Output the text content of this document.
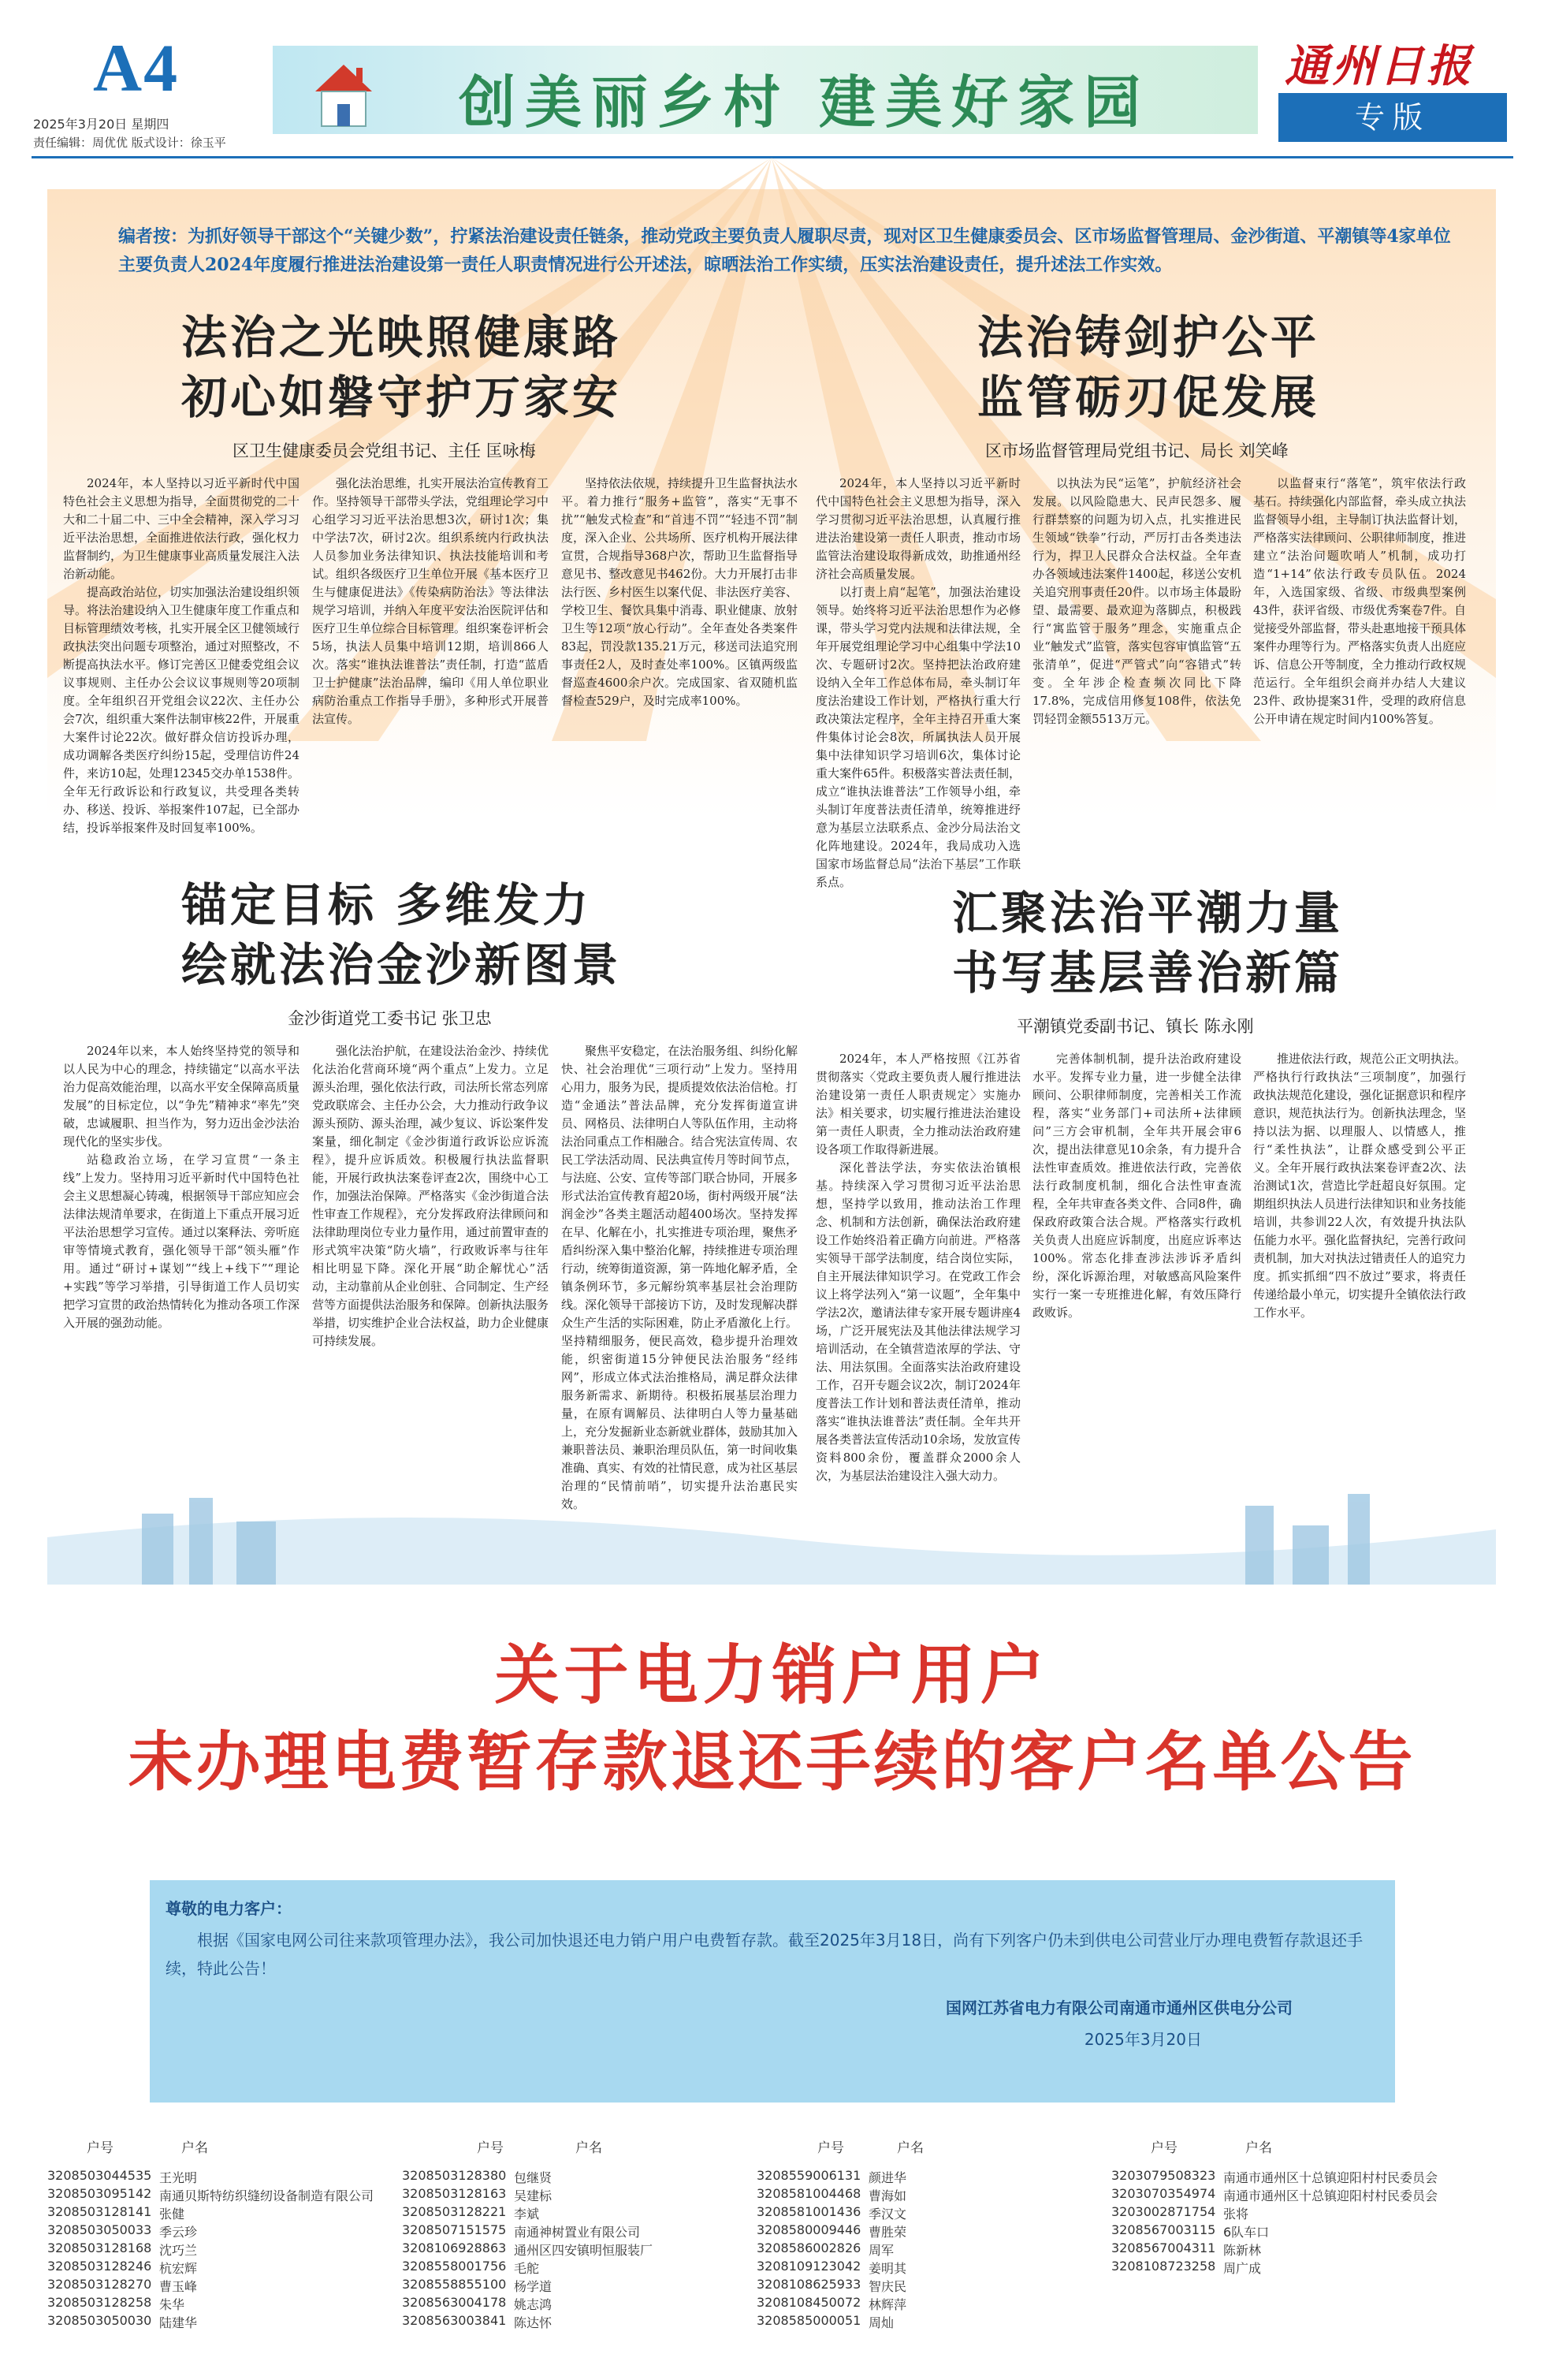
A4
2025年3月20日 星期四
责任编辑：周优优 版式设计：徐玉平
创美丽乡村 建美好家园
通州日报
专版
编者按：为抓好领导干部这个“关键少数”，拧紧法治建设责任链条，推动党政主要负责人履职尽责，现对区卫生健康委员会、区市场监督管理局、金沙街道、平潮镇等4家单位主要负责人2024年度履行推进法治建设第一责任人职责情况进行公开述法，晾晒法治工作实绩，压实法治建设责任，提升述法工作实效。
法治之光映照健康路
初心如磐守护万家安
区卫生健康委员会党组书记、主任 匡咏梅

2024年，本人坚持以习近平新时代中国特色社会主义思想为指导，全面贯彻党的二十大和二十届二中、三中全会精神，深入学习习近平法治思想，全面推进依法行政，强化权力监督制约，为卫生健康事业高质量发展注入法治新动能。

提高政治站位，切实加强法治建设组织领导。将法治建设纳入卫生健康年度工作重点和目标管理绩效考核，扎实开展全区卫健领域行政执法突出问题专项整治，通过对照整改，不断提高执法水平。修订完善区卫健委党组会议议事规则、主任办公会议议事规则等20项制度。全年组织召开党组会议22次、主任办公会7次，组织重大案件法制审核22件，开展重大案件讨论22次。做好群众信访投诉办理，成功调解各类医疗纠纷15起，受理信访件24件，来访10起，处理12345交办单1538件。全年无行政诉讼和行政复议，共受理各类转办、移送、投诉、举报案件107起，已全部办结，投诉举报案件及时回复率100%。

强化法治思维，扎实开展法治宣传教育工作。坚持领导干部带头学法，党组理论学习中心组学习习近平法治思想3次，研讨1次；集中学法7次，研讨2次。组织系统内行政执法人员参加业务法律知识、执法技能培训和考试。组织各级医疗卫生单位开展《基本医疗卫生与健康促进法》《传染病防治法》等法律法规学习培训，并纳入年度平安法治医院评估和医疗卫生单位综合目标管理。组织案卷评析会5场，执法人员集中培训12期，培训866人次。落实“谁执法谁普法”责任制，打造“蓝盾卫士护健康”法治品牌，编印《用人单位职业病防治重点工作指导手册》，多种形式开展普法宣传。

坚持依法依规，持续提升卫生监督执法水平。着力推行“服务+监管”，落实“无事不扰”“触发式检查”和“首违不罚”“轻违不罚”制度，深入企业、公共场所、医疗机构开展法律宣贯，合规指导368户次，帮助卫生监督指导意见书、整改意见书462份。大力开展打击非法行医、乡村医生以案代促、非法医疗美容、学校卫生、餐饮具集中消毒、职业健康、放射卫生等12项“放心行动”。全年查处各类案件83起，罚没款135.21万元，移送司法追究刑事责任2人，及时查处率100%。区镇两级监督巡查4600余户次。完成国家、省双随机监督检查529户，及时完成率100%。

法治铸剑护公平
监管砺刃促发展
区市场监督管理局党组书记、局长 刘笑峰

2024年，本人坚持以习近平新时代中国特色社会主义思想为指导，深入学习贯彻习近平法治思想，认真履行推进法治建设第一责任人职责，推动市场监管法治建设取得新成效，助推通州经济社会高质量发展。

以打责上肩“起笔”，加强法治建设领导。始终将习近平法治思想作为必修课，带头学习党内法规和法律法规，全年开展党组理论学习中心组集中学法10次、专题研讨2次。坚持把法治政府建设纳入全年工作总体布局，牵头制订年度法治建设工作计划，严格执行重大行政决策法定程序，全年主持召开重大案件集体讨论会8次，所属执法人员开展集中法律知识学习培训6次，集体讨论重大案件65件。积极落实普法责任制，成立“谁执法谁普法”工作领导小组，牵头制订年度普法责任清单，统筹推进纾意为基层立法联系点、金沙分局法治文化阵地建设。2024年，我局成功入选国家市场监督总局“法治下基层”工作联系点。

以执法为民“运笔”，护航经济社会发展。以风险隐患大、民声民怨多、履行群禁察的问题为切入点，扎实推进民生领域“铁拳”行动，严厉打击各类违法行为，捍卫人民群众合法权益。全年查办各领域违法案件1400起，移送公安机关追究刑事责任20件。以市场主体最盼望、最需要、最欢迎为落脚点，积极践行“寓监管于服务”理念，实施重点企业“触发式”监管，落实包容审慎监管“五张清单”，促进“严管式”向“容错式”转变。全年涉企检查频次同比下降17.8%，完成信用修复108件，依法免罚轻罚金额5513万元。

以监督束行“落笔”，筑牢依法行政基石。持续强化内部监督，牵头成立执法监督领导小组，主导制订执法监督计划，严格落实法律顾问、公职律师制度，推进建立“法治问题吹哨人”机制，成功打造“1+14”依法行政专员队伍。2024年，入选国家级、省级、市级典型案例43件，获评省级、市级优秀案卷7件。自觉接受外部监督，带头赴惠地接干预具体案件办理等行为。严格落实负责人出庭应诉、信息公开等制度，全力推动行政权规范运行。全年组织会商并办结人大建议23件、政协提案31件，受理的政府信息公开申请在规定时间内100%答复。

锚定目标 多维发力
绘就法治金沙新图景
金沙街道党工委书记 张卫忠

2024年以来，本人始终坚持党的领导和以人民为中心的理念，持续锚定“以高水平法治力促高效能治理，以高水平安全保障高质量发展”的目标定位，以“争先”精神求“率先”突破，忠诚履职、担当作为，努力迈出金沙法治现代化的坚实步伐。

站稳政治立场，在学习宣贯“一条主线”上发力。坚持用习近平新时代中国特色社会主义思想凝心铸魂，根据领导干部应知应会法律法规清单要求，在街道上下重点开展习近平法治思想学习宣传。通过以案释法、旁听庭审等情境式教育，强化领导干部“领头雁”作用。通过“研讨+谋划”“线上+线下”“理论+实践”等学习举措，引导街道工作人员切实把学习宣贯的政治热情转化为推动各项工作深入开展的强劲动能。

强化法治护航，在建设法治金沙、持续优化法治化营商环境“两个重点”上发力。立足源头治理，强化依法行政，司法所长常态列席党政联席会、主任办公会，大力推动行政争议源头预防、源头治理，减少复议、诉讼案件发案量，细化制定《金沙街道行政诉讼应诉流程》，提升应诉质效。积极履行执法监督职能，开展行政执法案卷评查2次，围绕中心工作，加强法治保障。严格落实《金沙街道合法性审查工作规程》，充分发挥政府法律顾问和法律助理岗位专业力量作用，通过前置审查的形式筑牢决策“防火墙”，行政败诉率与往年相比明显下降。深化开展“助企解忧心”活动，主动靠前从企业创驻、合同制定、生产经营等方面提供法治服务和保障。创新执法服务举措，切实维护企业合法权益，助力企业健康可持续发展。

聚焦平安稳定，在法治服务组、纠纷化解快、社会治理优“三项行动”上发力。坚持用心用力，服务为民，提质提效依法治信枪。打造“金通法”普法品牌，充分发挥街道宣讲员、网格员、法律明白人等队伍作用，主动将法治同重点工作相融合。结合宪法宣传周、农民工学法活动周、民法典宣传月等时间节点，与法庭、公安、宣传等部门联合协同，开展多形式法治宣传教育超20场，街村两级开展“法润金沙”各类主题活动超400场次。坚持发挥在早、化解在小，扎实推进专项治理，聚焦矛盾纠纷深入集中整治化解，持续推进专项治理行动，统筹街道资源，第一阵地化解矛盾，全镇条例环节，多元解纷筑率基层社会治理防线。深化领导干部接访下访，及时发现解决群众生产生活的实际困难，防止矛盾激化上行。坚持精细服务，便民高效，稳步提升治理效能，织密街道15分钟便民法治服务“经纬网”，形成立体式法治推格局，满足群众法律服务新需求、新期待。积极拓展基层治理力量，在原有调解员、法律明白人等力量基础上，充分发掘新业态新就业群体，鼓励其加入兼职普法员、兼职治理员队伍，第一时间收集准确、真实、有效的社情民意，成为社区基层治理的“民情前哨”，切实提升法治惠民实效。

汇聚法治平潮力量
书写基层善治新篇
平潮镇党委副书记、镇长 陈永刚

2024年，本人严格按照《江苏省贯彻落实〈党政主要负责人履行推进法治建设第一责任人职责规定〉实施办法》相关要求，切实履行推进法治建设第一责任人职责，全力推动法治政府建设各项工作取得新进展。

深化普法学法，夯实依法治镇根基。持续深入学习贯彻习近平法治思想，坚持学以致用，推动法治工作理念、机制和方法创新，确保法治政府建设工作始终沿着正确方向前进。严格落实领导干部学法制度，结合岗位实际，自主开展法律知识学习。在党政工作会议上将学法列入“第一议题”，全年集中学法2次，邀请法律专家开展专题讲座4场，广泛开展宪法及其他法律法规学习培训活动，在全镇营造浓厚的学法、守法、用法氛围。全面落实法治政府建设工作，召开专题会议2次，制订2024年度普法工作计划和普法责任清单，推动落实“谁执法谁普法”责任制。全年共开展各类普法宣传活动10余场，发放宣传资料800余份，覆盖群众2000余人次，为基层法治建设注入强大动力。

完善体制机制，提升法治政府建设水平。发挥专业力量，进一步健全法律顾问、公职律师制度，完善相关工作流程，落实“业务部门+司法所+法律顾问”三方会审机制，全年共开展会审6次，提出法律意见10余条，有力提升合法性审查质效。推进依法行政，完善依法行政制度机制，细化合法性审查流程，全年共审查各类文件、合同8件，确保政府政策合法合规。严格落实行政机关负责人出庭应诉制度，出庭应诉率达100%。常态化排查涉法涉诉矛盾纠纷，深化诉源治理，对敏感高风险案件实行一案一专班推进化解，有效压降行政败诉。

推进依法行政，规范公正文明执法。严格执行行政执法“三项制度”，加强行政执法规范化建设，强化证据意识和程序意识，规范执法行为。创新执法理念，坚持以法为据、以理服人、以情感人，推行“柔性执法”，让群众感受到公平正义。全年开展行政执法案卷评查2次、法治测试1次，营造比学赶超良好氛围。定期组织执法人员进行法律知识和业务技能培训，共参训22人次，有效提升执法队伍能力水平。强化监督执纪，完善行政问责机制，加大对执法过错责任人的追究力度。抓实抓细“四不放过”要求，将责任传递给最小单元，切实提升全镇依法行政工作水平。

关于电力销户用户
未办理电费暂存款退还手续的客户名单公告
尊敬的电力客户：
根据《国家电网公司往来款项管理办法》，我公司加快退还电力销户用户电费暂存款。截至2025年3月18日，尚有下列客户仍未到供电公司营业厅办理电费暂存款退还手续，特此公告！
国网江苏省电力有限公司南通市通州区供电分公司
2025年3月20日
户号	户名
3208503044535 王光明
3208503095142 南通贝斯特纺织缝纫设备制造有限公司
3208503128141 张健
3208503050033 季云珍
3208503128168 沈巧兰
3208503128246 杭宏辉
3208503128270 曹玉峰
3208503128258 朱华
3208503050030 陆建华
户号	户名
3208503128380 包继贤
3208503128163 吴建标
3208503128221 李斌
3208507151575 南通神树置业有限公司
3208106928863 通州区四安镇明恒服装厂
3208558001756 毛舵
3208558855100 杨学道
3208563004178 姚志鸿
3208563003841 陈达怀
户号	户名
3208559006131 颜进华
3208581004468 曹海如
3208581001436 季汉文
3208580009446 曹胜荣
3208586002826 周军
3208109123042 姜明其
3208108625933 智庆民
3208108450072 林辉萍
3208585000051 周灿
户号	户名
3203079508323 南通市通州区十总镇迎阳村村民委员会
3203070354974 南通市通州区十总镇迎阳村村民委员会
3203002871754 张将
3208567003115 6队车口
3208567004311 陈新林
3208108723258 周广成
